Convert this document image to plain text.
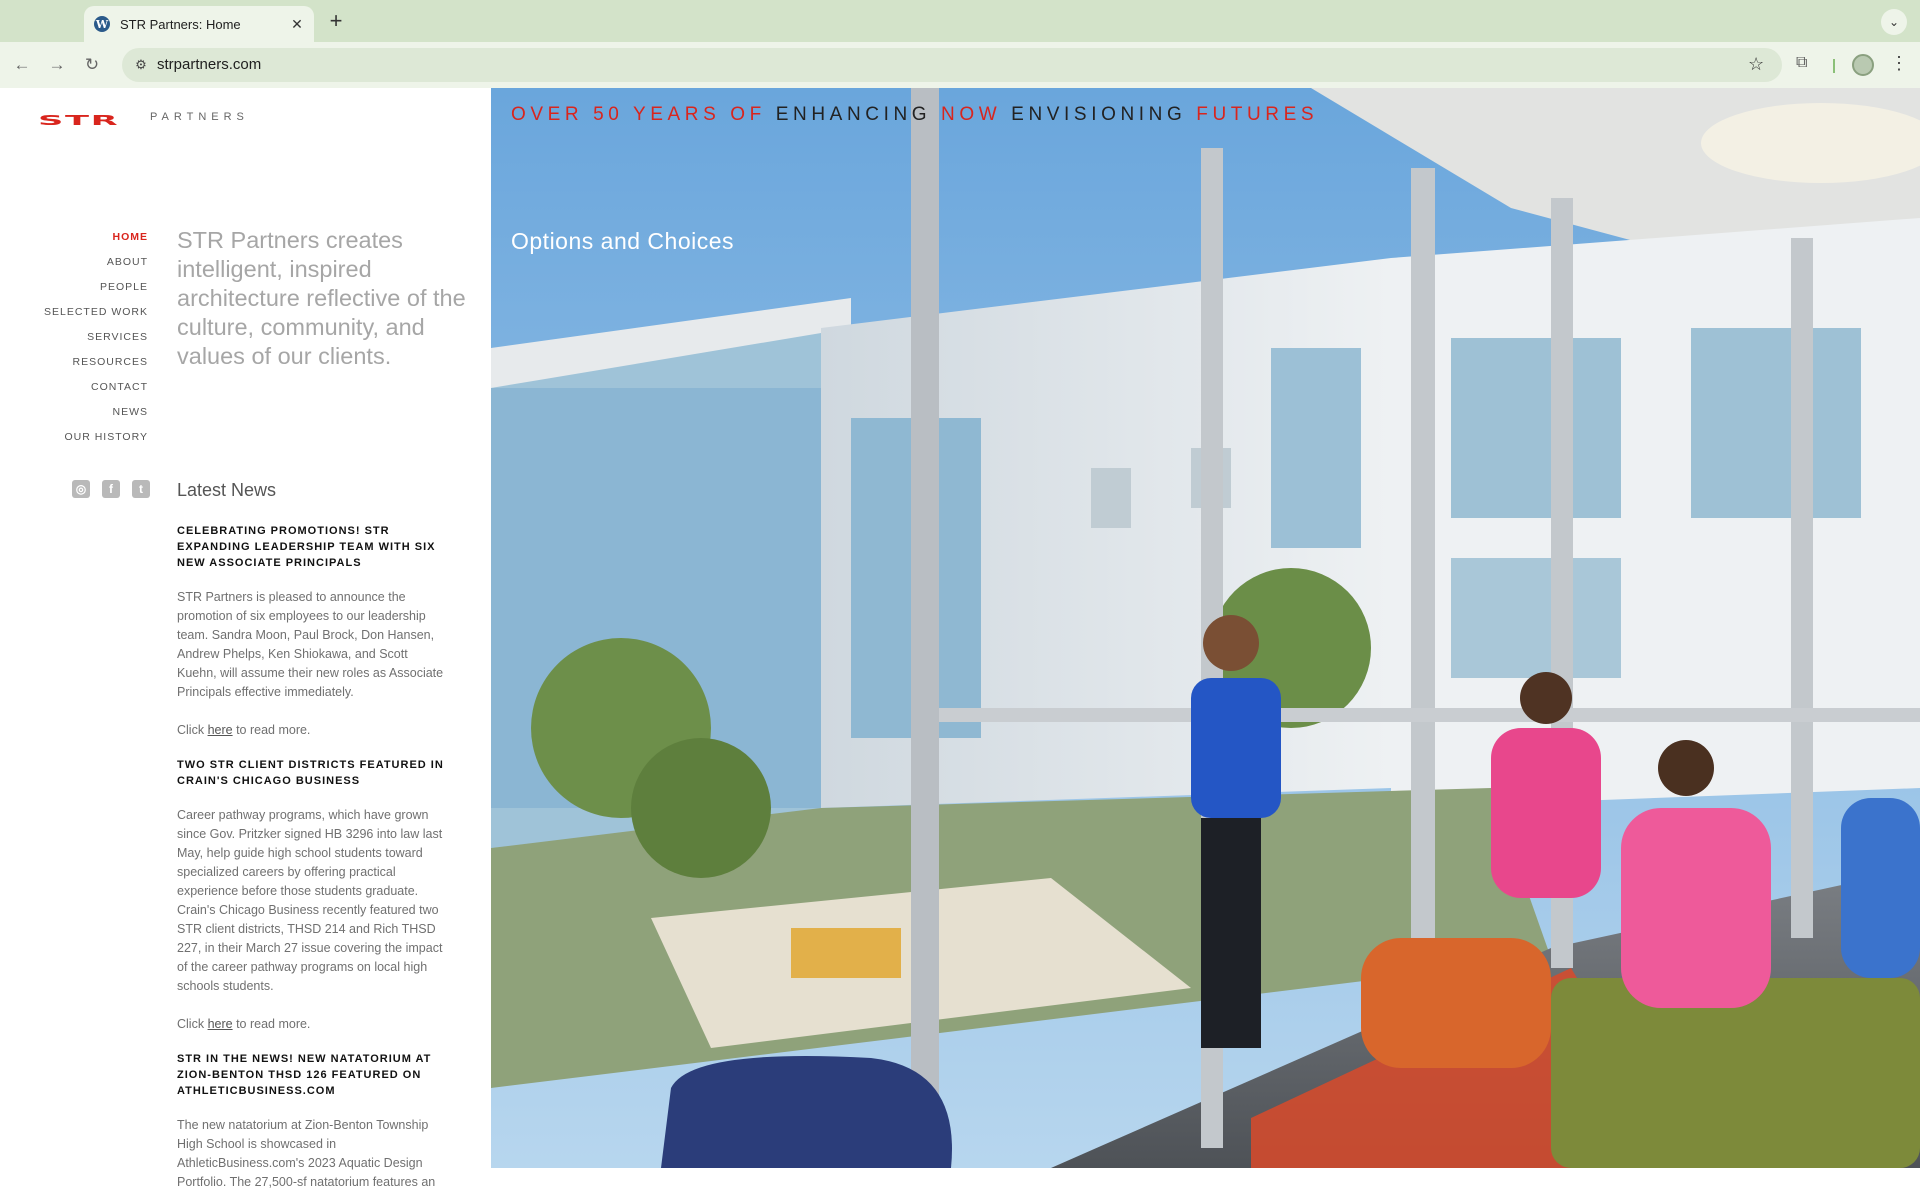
W STR Partners: Home	✕ +	⌄
← → ↻	⚙ strpartners.com	☆ ⧉	⋮
STR	PARTNERS
HOME
ABOUT
PEOPLE
SELECTED WORK
SERVICES
RESOURCES
CONTACT
NEWS
OUR HISTORY
STR Partners creates intelligent, inspired architecture reflective of the culture, community, and values of our clients.
◎	f	t	Latest News
CELEBRATING PROMOTIONS! STR EXPANDING LEADERSHIP TEAM WITH SIX NEW ASSOCIATE PRINCIPALS
STR Partners is pleased to announce the promotion of six employees to our leadership team. Sandra Moon, Paul Brock, Don Hansen, Andrew Phelps, Ken Shiokawa, and Scott Kuehn, will assume their new roles as Associate Principals effective immediately.
Click here to read more.
TWO STR CLIENT DISTRICTS FEATURED IN CRAIN'S CHICAGO BUSINESS
Career pathway programs, which have grown since Gov. Pritzker signed HB 3296 into law last May, help guide high school students toward specialized careers by offering practical experience before those students graduate. Crain's Chicago Business recently featured two STR client districts, THSD 214 and Rich THSD 227, in their March 27 issue covering the impact of the career pathway programs on local high schools students.
Click here to read more.
STR IN THE NEWS! NEW NATATORIUM AT ZION-BENTON THSD 126 FEATURED ON ATHLETICBUSINESS.COM
The new natatorium at Zion-Benton Township High School is showcased in AthleticBusiness.com's 2023 Aquatic Design Portfolio. The 27,500-sf natatorium features an
OVER 50 YEARS OF ENHANCING NOW ENVISIONING FUTURES
Options and Choices
